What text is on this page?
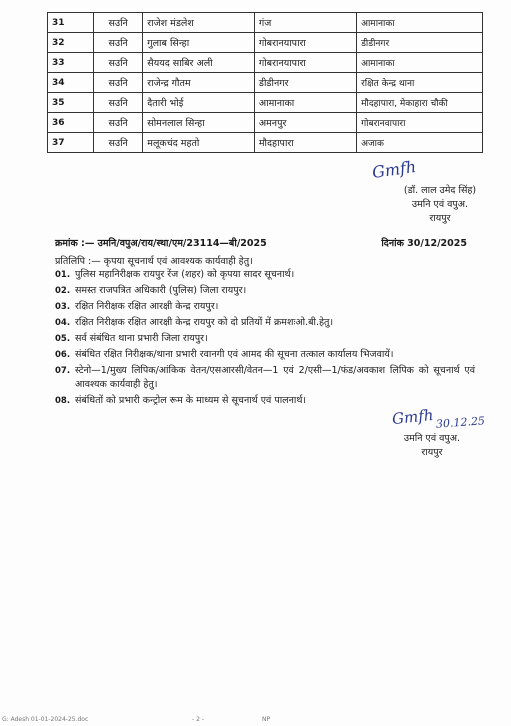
31	सउनि	राजेश मंडलेश	गंज	आमानाका
32	सउनि	गुलाब सिन्हा	गोबरानयापारा	डीडीनगर
33	सउनि	सैययद साबिर अली	गोबरानयापारा	आमानाका
34	सउनि	राजेन्द्र गौतम	डीडीनगर	रक्षित केन्द्र थाना
35	सउनि	दैतारी भोई	आमानाका	मौदहापारा, मेकाहारा चौकी
36	सउनि	सोमनलाल सिन्हा	अमनपुर	गोबरानवापारा
37	सउनि	मलूकचंद महतो	मौदहापारा	अजाक
Gmfh
(डॉ. लाल उमेद सिंह)
उमनि एवं वपुअ.
रायपुर
क्रमांक :— उमनि/वपुअ/राय/स्था/एम/23114—बी/2025	दिनांक 30/12/2025
प्रतिलिपि :— कृपया सूचनार्थ एवं आवश्यक कार्यवाही हेतु।
01. पुलिस महानिरीक्षक रायपुर रेंज (शहर) को कृपया सादर सूचनार्थ।
02. समस्त राजपत्रित अधिकारी (पुलिस) जिला रायपुर।
03. रक्षित निरीक्षक रक्षित आरक्षी केन्द्र रायपुर।
04. रक्षित निरीक्षक रक्षित आरक्षी केन्द्र रायपुर को दो प्रतियों में क्रमशःओ.बी.हेतु।
05. सर्व संबंधित थाना प्रभारी जिला रायपुर।
06. संबंधित रक्षित निरीक्षक/थाना प्रभारी रवानगी एवं आमद की सूचना तत्काल कार्यालय भिजवायें।
07. स्टेनो—1/मुख्य लिपिक/आंकिक वेतन/एसआरसी/वेतन—1 एवं 2/एसी—1/फंड/अवकाश लिपिक को सूचनार्थ एवं आवश्यक कार्यवाही हेतु।
08. संबंधितों को प्रभारी कन्ट्रोल रूम के माध्यम से सूचनार्थ एवं पालनार्थ।
Gmfh 30.12.25
उमनि एवं वपुअ.
रायपुर
G: Adesh 01-01-2024-25.doc	- 2 -	NP
